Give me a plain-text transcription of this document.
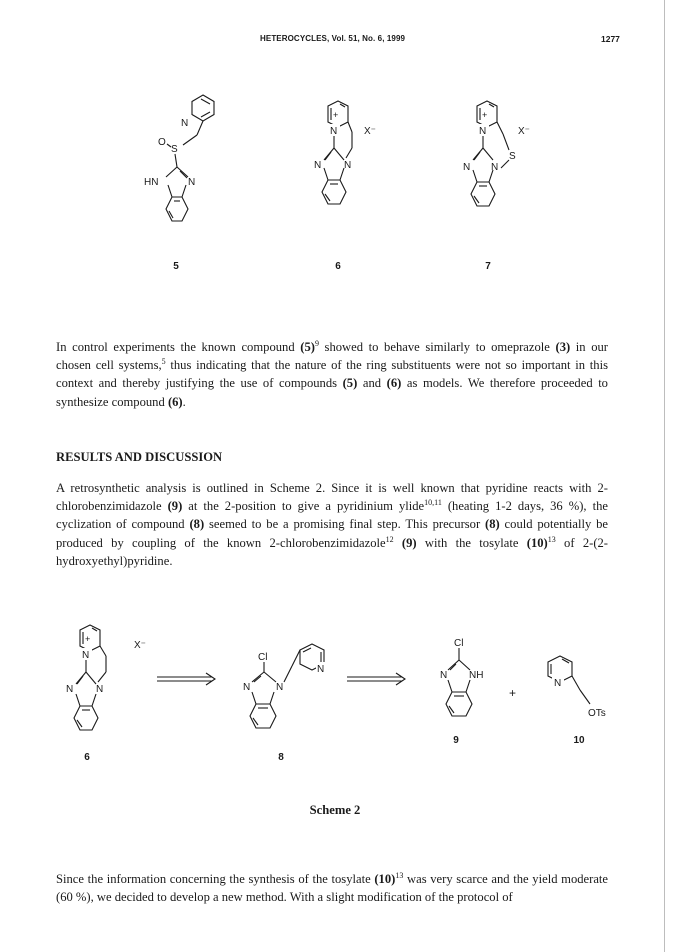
HETEROCYCLES, Vol. 51, No. 6, 1999	1277
N
S
O
HN	N
5
+
N	X⁻
N N
6
+
N	X⁻
S
N N
7

In control experiments the known compound $(5)^9$ showed to behave similarly to omeprazole (3) in our chosen cell systems,$^5$ thus indicating that the nature of the ring substituents were not so important in this context and thereby justifying the use of compounds (5) and (6) as models. We therefore proceeded to synthesize compound (6).

RESULTS AND DISCUSSION

A retrosynthetic analysis is outlined in Scheme 2. Since it is well known that pyridine reacts with 2-chlorobenzimidazole (9) at the 2-position to give a pyridinium ylide$^{10,11}$ (heating 1-2 days, 36 %), the cyclization of compound (8) seemed to be a promising final step. This precursor (8) could potentially be produced by coupling of the known 2-chlorobenzimidazole$^{12}$ (9) with the tosylate $(10)^{13}$ of 2-(2-hydroxyethyl)pyridine.

+
N
X⁻
N N
Cl
N	N
N
Cl
N NH
+
N
OTs
6	8
9	10
Scheme 2

Since the information concerning the synthesis of the tosylate $(10)^{13}$ was very scarce and the yield moderate (60 %), we decided to develop a new method. With a slight modification of the protocol of
